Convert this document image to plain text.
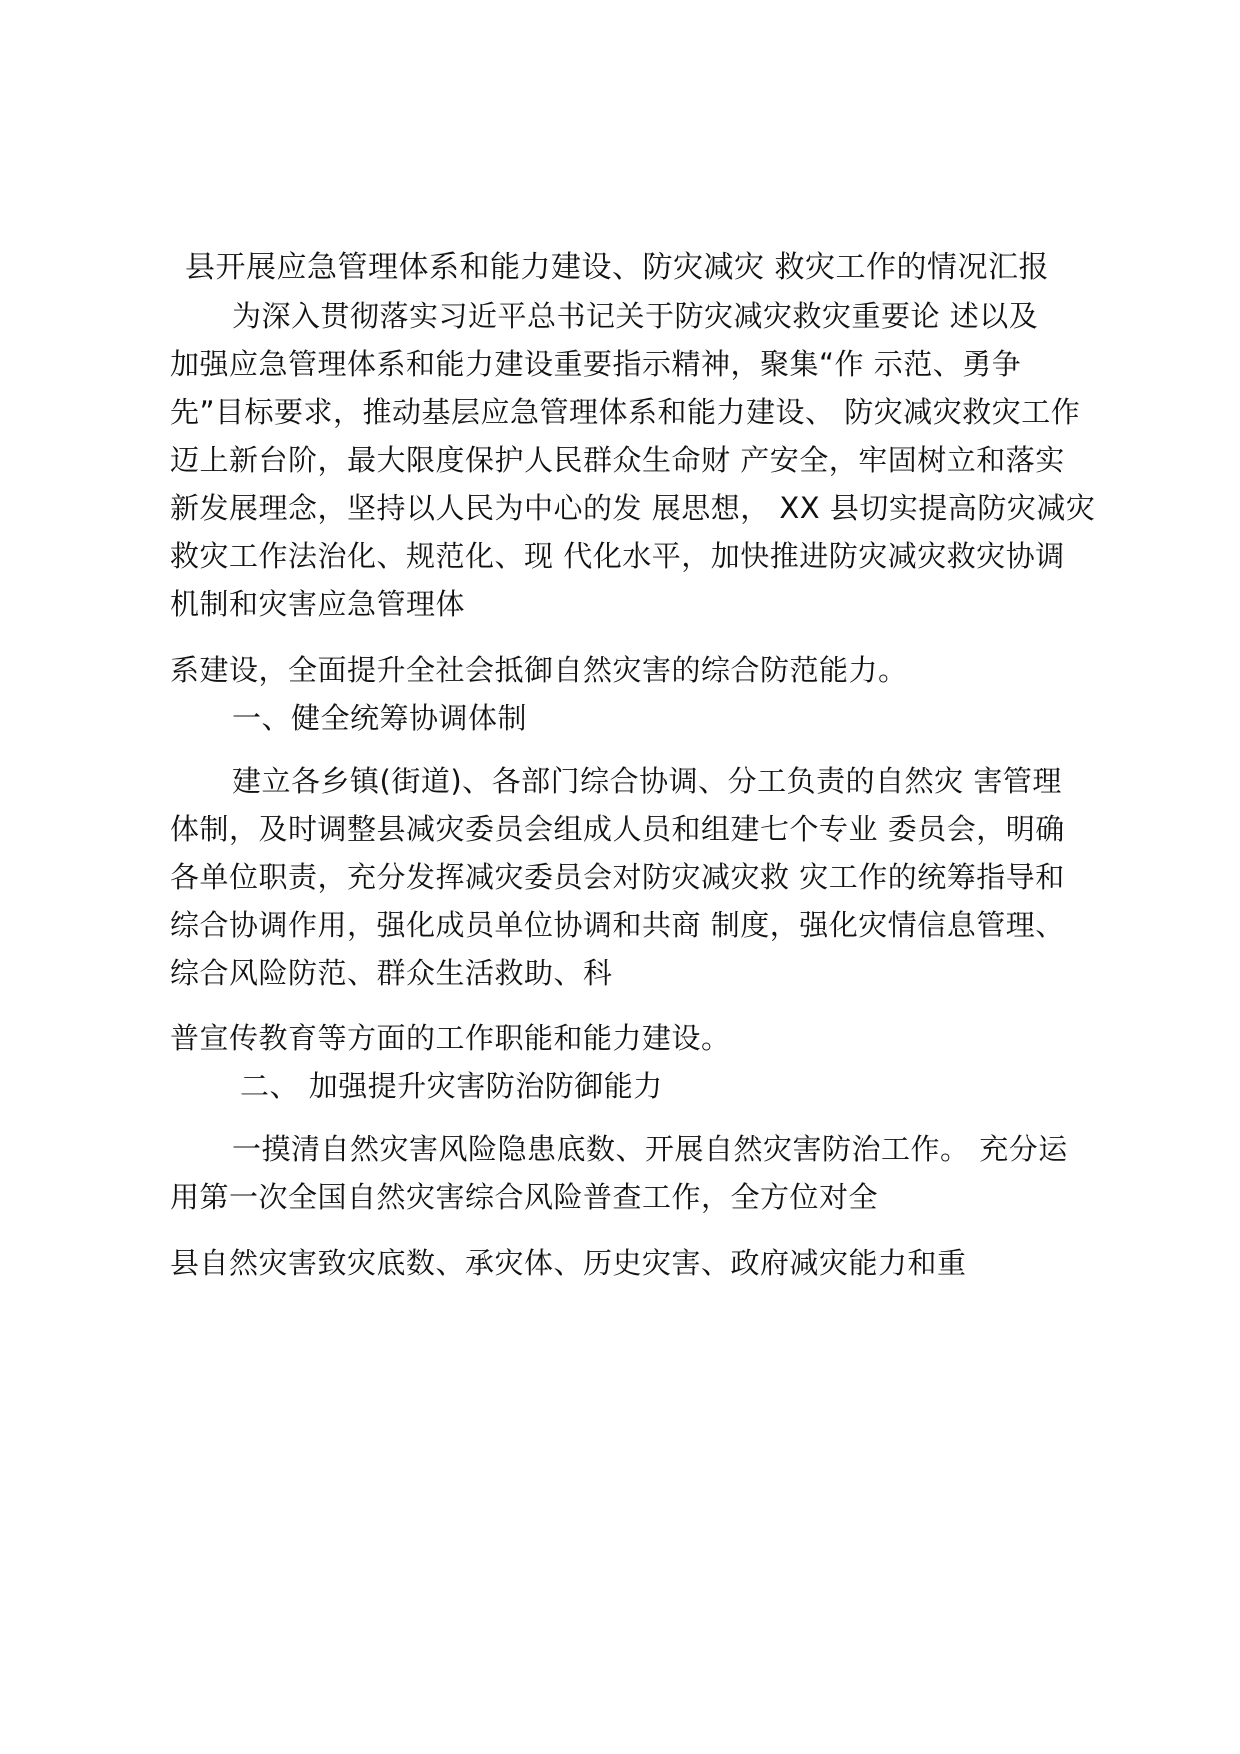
县开展应急管理体系和能力建设、防灾减灾 救灾工作的情况汇报

为深入贯彻落实习近平总书记关于防灾减灾救灾重要论 述以及

加强应急管理体系和能力建设重要指示精神，聚集“作 示范、勇争

先”目标要求，推动基层应急管理体系和能力建设、 防灾减灾救灾工作

迈上新台阶，最大限度保护人民群众生命财 产安全，牢固树立和落实

新发展理念，坚持以人民为中心的发 展思想， XX 县切实提高防灾减灾

救灾工作法治化、规范化、现 代化水平，加快推进防灾减灾救灾协调

机制和灾害应急管理体

系建设，全面提升全社会抵御自然灾害的综合防范能力。

一、健全统筹协调体制

建立各乡镇(街道)、各部门综合协调、分工负责的自然灾 害管理

体制，及时调整县减灾委员会组成人员和组建七个专业 委员会，明确

各单位职责，充分发挥减灾委员会对防灾减灾救 灾工作的统筹指导和

综合协调作用，强化成员单位协调和共商 制度，强化灾情信息管理、

综合风险防范、群众生活救助、科

普宣传教育等方面的工作职能和能力建设。

二、 加强提升灾害防治防御能力

一摸清自然灾害风险隐患底数、开展自然灾害防治工作。 充分运

用第一次全国自然灾害综合风险普查工作，全方位对全

县自然灾害致灾底数、承灾体、历史灾害、政府减灾能力和重
